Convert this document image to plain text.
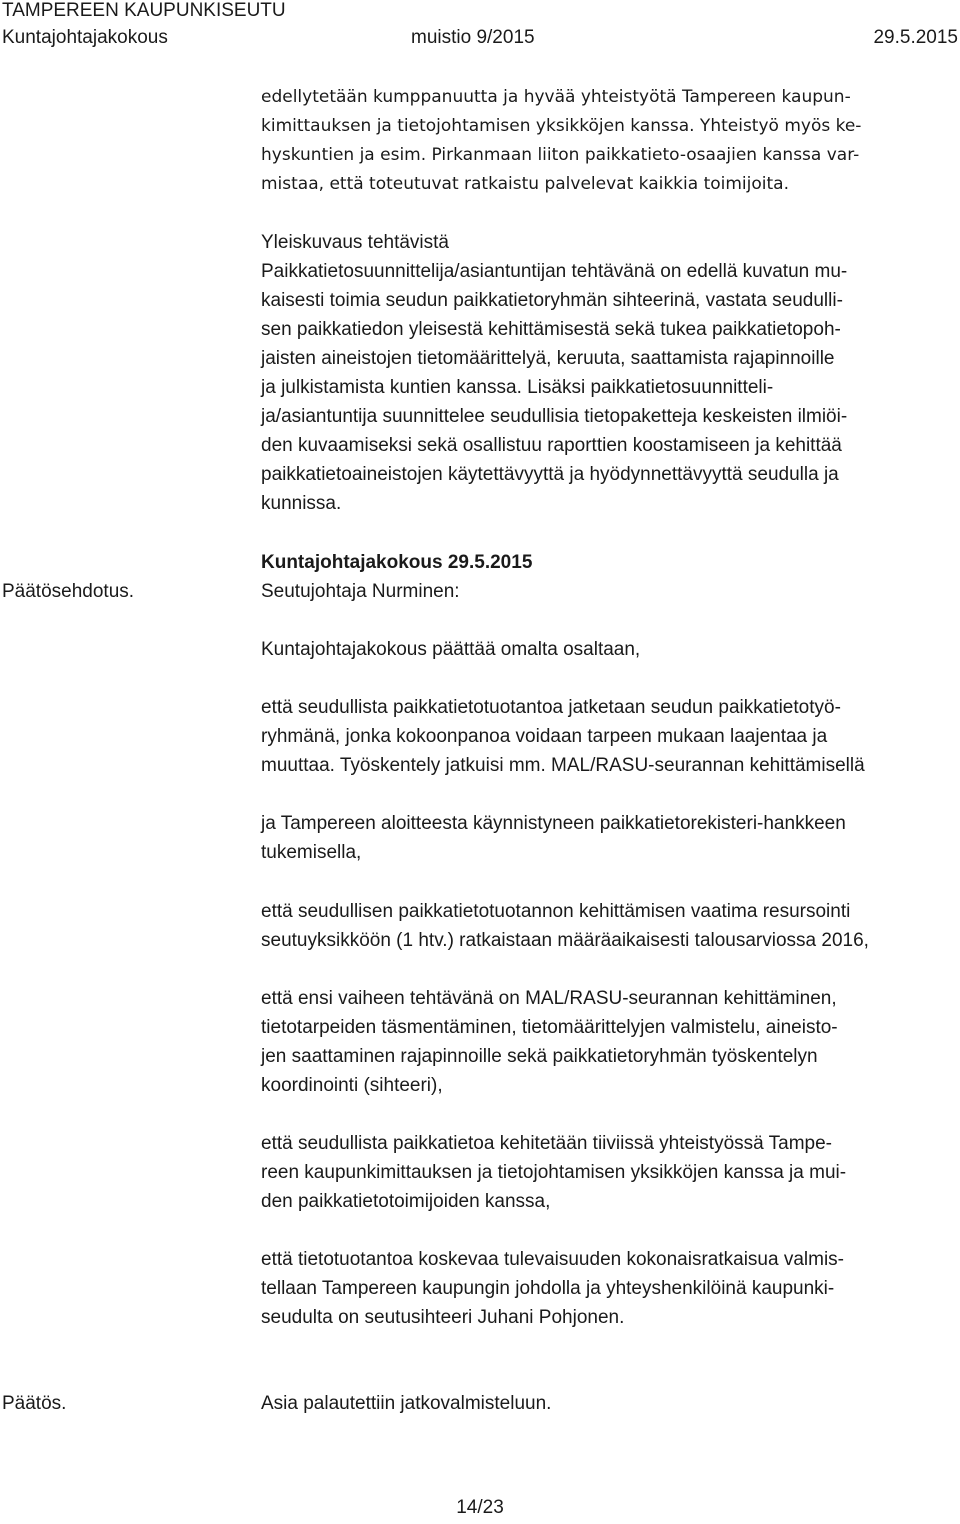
TAMPEREEN KAUPUNKISEUTU
Kuntajohtajakokous	muistio 9/2015	29.5.2015
edellytetään kumppanuutta ja hyvää yhteistyötä Tampereen kaupun-
kimittauksen ja tietojohtamisen yksikköjen kanssa. Yhteistyö myös ke-
hyskuntien ja esim. Pirkanmaan liiton paikkatieto-osaajien kanssa var-
mistaa, että toteutuvat ratkaistu palvelevat kaikkia toimijoita.
Yleiskuvaus tehtävistä
Paikkatietosuunnittelija/asiantuntijan tehtävänä on edellä kuvatun mu-
kaisesti toimia seudun paikkatietoryhmän sihteerinä, vastata seudulli-
sen paikkatiedon yleisestä kehittämisestä sekä tukea paikkatietopoh-
jaisten aineistojen tietomäärittelyä, keruuta, saattamista rajapinnoille
ja julkistamista kuntien kanssa. Lisäksi paikkatietosuunnitteli-
ja/asiantuntija suunnittelee seudullisia tietopaketteja keskeisten ilmiöi-
den kuvaamiseksi sekä osallistuu raporttien koostamiseen ja kehittää
paikkatietoaineistojen käytettävyyttä ja hyödynnettävyyttä seudulla ja
kunnissa.
Päätösehdotus.
Kuntajohtajakokous 29.5.2015
Seutujohtaja Nurminen:
Kuntajohtajakokous päättää omalta osaltaan,
että seudullista paikkatietotuotantoa jatketaan seudun paikkatietotyö-
ryhmänä, jonka kokoonpanoa voidaan tarpeen mukaan laajentaa ja
muuttaa. Työskentely jatkuisi mm. MAL/RASU-seurannan kehittämisellä
ja Tampereen aloitteesta käynnistyneen paikkatietorekisteri-hankkeen
tukemisella,
että seudullisen paikkatietotuotannon kehittämisen vaatima resursointi
seutuyksikköön (1 htv.) ratkaistaan määräaikaisesti talousarviossa 2016,
että ensi vaiheen tehtävänä on MAL/RASU-seurannan kehittäminen,
tietotarpeiden täsmentäminen, tietomäärittelyjen valmistelu, aineisto-
jen saattaminen rajapinnoille sekä paikkatietoryhmän työskentelyn
koordinointi (sihteeri),
että seudullista paikkatietoa kehitetään tiiviissä yhteistyössä Tampe-
reen kaupunkimittauksen ja tietojohtamisen yksikköjen kanssa ja mui-
den paikkatietotoimijoiden kanssa,
että tietotuotantoa koskevaa tulevaisuuden kokonaisratkaisua valmis-
tellaan Tampereen kaupungin johdolla ja yhteyshenkilöinä kaupunki-
seudulta on seutusihteeri Juhani Pohjonen.
Päätös.	Asia palautettiin jatkovalmisteluun.
14/23
